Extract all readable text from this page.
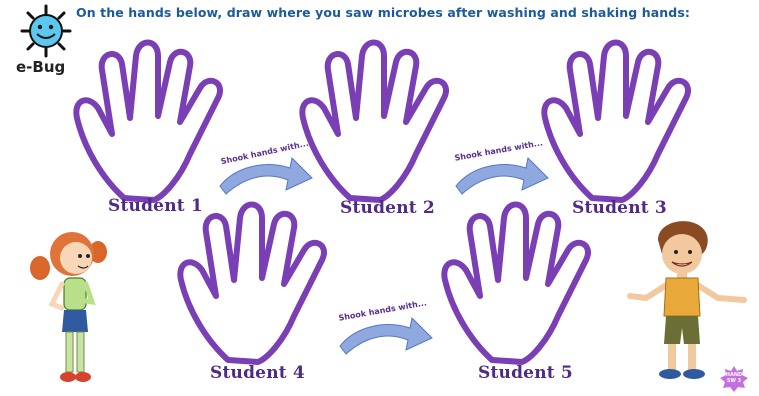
On the hands below, draw where you saw microbes after washing and shaking hands:
e-Bug
Student 1	Student 2	Student 3
Student 4	Student 5
Shook hands with...	Shook hands with...
Shook hands with...
HAND
SW 3
